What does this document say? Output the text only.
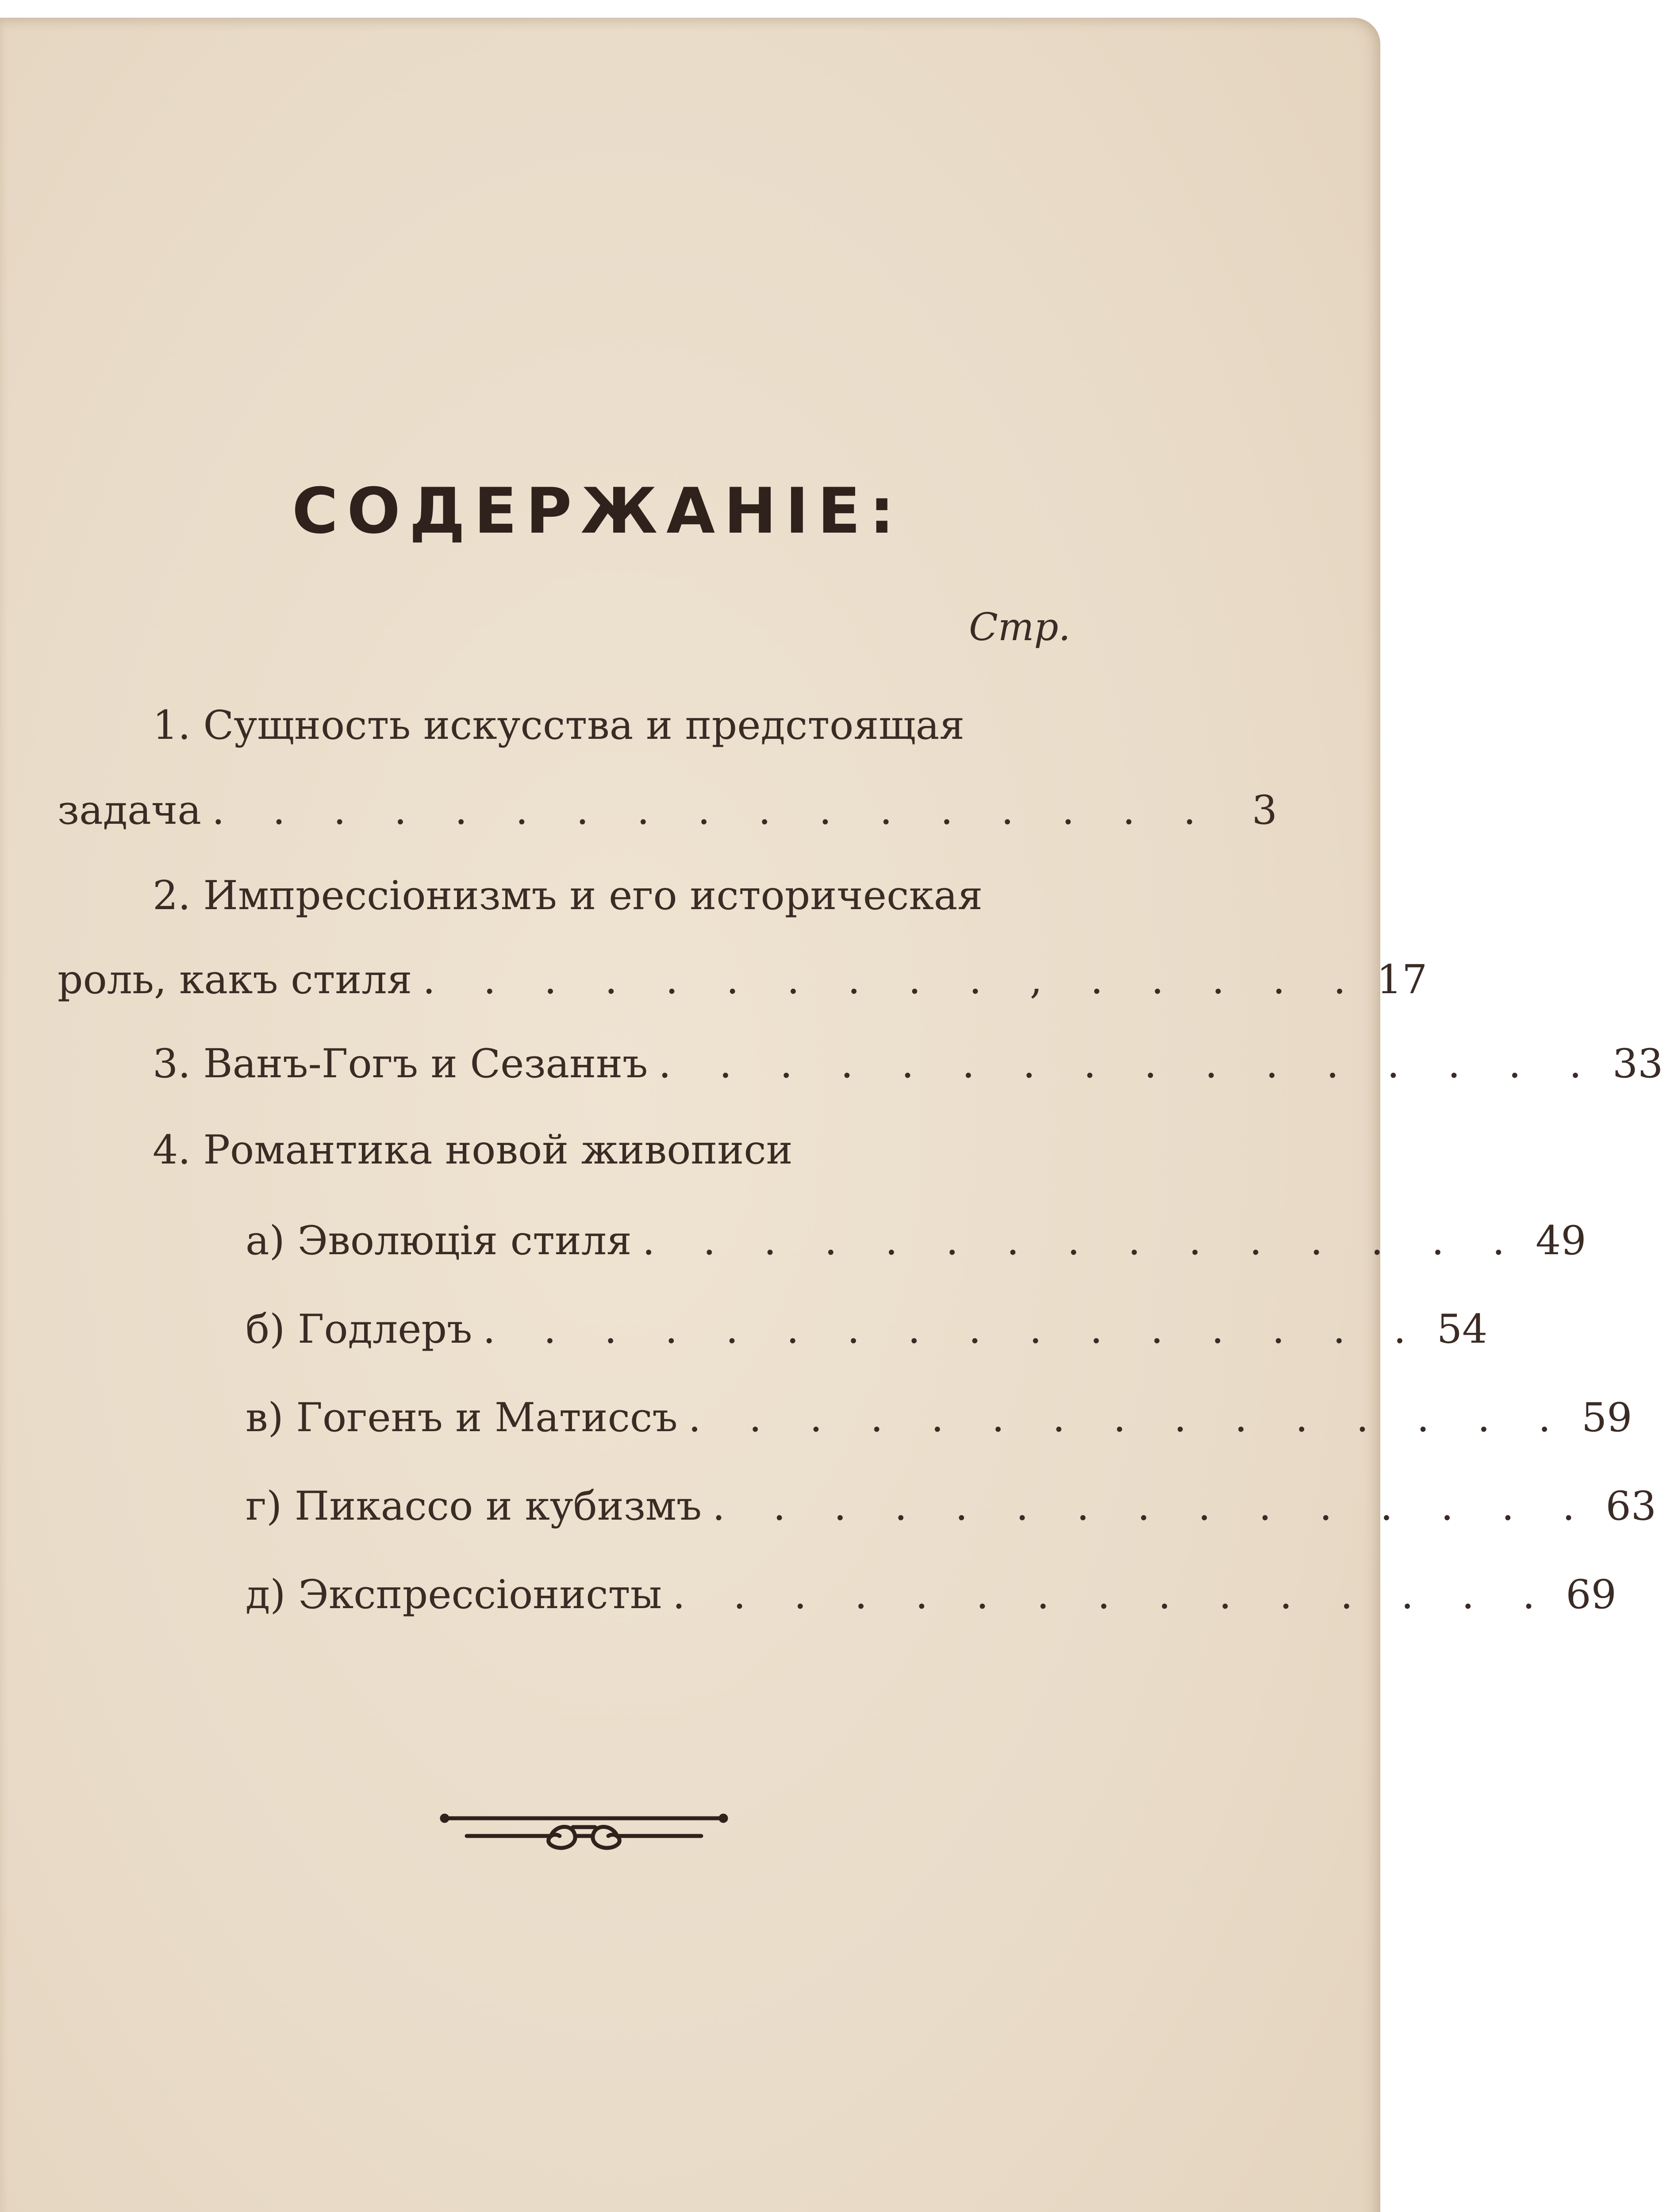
СОДЕРЖАНІЕ:
Стр.
1. Сущность искусства и предстоящая
задача . . . . . . . . . . . . . . . . . 3
2. Импрессіонизмъ и его историческая
роль, какъ стиля . . . . . , . . . . . . . . . . 17
3. Ванъ-Гогъ и Сезаннъ . . . . . . . . . . . . . . . . 33
4. Романтика новой живописи
а) Эволюція стиля . . . . . . . . . . . . . . . 49
б) Годлеръ . . . . . . . . . . . . . . . . 54
в) Гогенъ и Матиссъ . . . . . . . . . . . . . . . 59
г) Пикассо и кубизмъ . . . . . . . . . . . . . . . 63
д) Экспрессіонисты . . . . . . . . . . . . . . . 69
